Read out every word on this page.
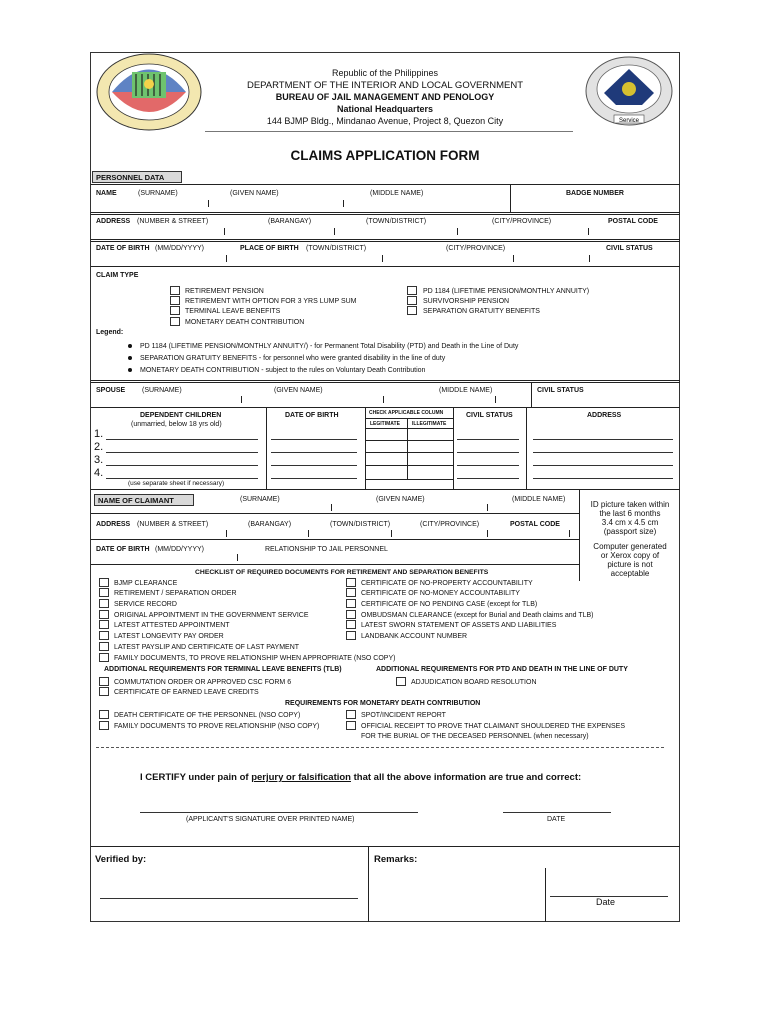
Service
Republic of the Philippines
DEPARTMENT OF THE INTERIOR AND LOCAL GOVERNMENT
BUREAU OF JAIL MANAGEMENT AND PENOLOGY
National Headquarters
144 BJMP Bldg., Mindanao Avenue, Project 8, Quezon City
CLAIMS APPLICATION FORM
PERSONNEL DATA
NAME	(SURNAME)	(GIVEN NAME)	(MIDDLE NAME)	BADGE NUMBER
ADDRESS (NUMBER & STREET)	(BARANGAY)	(TOWN/DISTRICT)	(CITY/PROVINCE)	POSTAL CODE
DATE OF BIRTH (MM/DD/YYYY)	PLACE OF BIRTH (TOWN/DISTRICT)	(CITY/PROVINCE)	CIVIL STATUS
CLAIM TYPE
RETIREMENT PENSION
RETIREMENT WITH OPTION FOR 3 YRS LUMP SUM
TERMINAL LEAVE BENEFITS
MONETARY DEATH CONTRIBUTION
PD 1184 (LIFETIME PENSION/MONTHLY ANNUITY)
SURVIVORSHIP PENSION
SEPARATION GRATUITY BENEFITS
Legend:
PD 1184 (LIFETIME PENSION/MONTHLY ANNUITY/) - for Permanent Total Disability (PTD) and Death in the Line of Duty
SEPARATION GRATUITY BENEFITS - for personnel who were granted disability in the line of duty
MONETARY DEATH CONTRIBUTION - subject to the rules on Voluntary Death Contribution
SPOUSE (SURNAME)	(GIVEN NAME)	(MIDDLE NAME)	CIVIL STATUS
DEPENDENT CHILDREN
(unmarried, below 18 yrs old)
DATE OF BIRTH	CHECK APPLICABLE COLUMN
LEGITIMATE ILLEGITIMATE
CIVIL STATUS	ADDRESS
1.
2.
3.
4.
(use separate sheet if necessary)
NAME OF CLAIMANT	(SURNAME)	(GIVEN NAME)	(MIDDLE NAME)
ADDRESS (NUMBER & STREET)	(BARANGAY)	(TOWN/DISTRICT)	(CITY/PROVINCE)	POSTAL CODE
DATE OF BIRTH (MM/DD/YYYY)	RELATIONSHIP TO JAIL PERSONNEL
ID picture taken within
the last 6 months
3.4 cm x 4.5 cm
(passport size)
Computer generated
or Xerox copy of
picture is not
acceptable
CHECKLIST OF REQUIRED DOCUMENTS FOR RETIREMENT AND SEPARATION BENEFITS
BJMP CLEARANCE
RETIREMENT / SEPARATION ORDER
SERVICE RECORD
ORIGINAL APPOINTMENT IN THE GOVERNMENT SERVICE
LATEST ATTESTED APPOINTMENT
LATEST LONGEVITY PAY ORDER
LATEST PAYSLIP AND CERTIFICATE OF LAST PAYMENT
FAMILY DOCUMENTS, TO PROVE RELATIONSHIP WHEN APPROPRIATE (NSO COPY)
CERTIFICATE OF NO-PROPERTY ACCOUNTABILITY
CERTIFICATE OF NO-MONEY ACCOUNTABILITY
CERTIFICATE OF NO PENDING CASE (except for TLB)
OMBUDSMAN CLEARANCE (except for Burial and Death claims and TLB)
LATEST SWORN STATEMENT OF ASSETS AND LIABILITIES
LANDBANK ACCOUNT NUMBER
ADDITIONAL REQUIREMENTS FOR TERMINAL LEAVE BENEFITS (TLB)
COMMUTATION ORDER OR APPROVED CSC FORM 6
CERTIFICATE OF EARNED LEAVE CREDITS
ADDITIONAL REQUIREMENTS FOR PTD AND DEATH IN THE LINE OF DUTY
ADJUDICATION BOARD RESOLUTION
REQUIREMENTS FOR MONETARY DEATH CONTRIBUTION
DEATH CERTIFICATE OF THE PERSONNEL (NSO COPY)
FAMILY DOCUMENTS TO PROVE RELATIONSHIP (NSO COPY)
SPOT/INCIDENT REPORT
OFFICIAL RECEIPT TO PROVE THAT CLAIMANT SHOULDERED THE EXPENSES
FOR THE BURIAL OF THE DECEASED PERSONNEL (when necessary)
I CERTIFY under pain of perjury or falsification that all the above information are true and correct:
(APPLICANT'S SIGNATURE OVER PRINTED NAME)	DATE
Verified by:	Remarks:
Date
